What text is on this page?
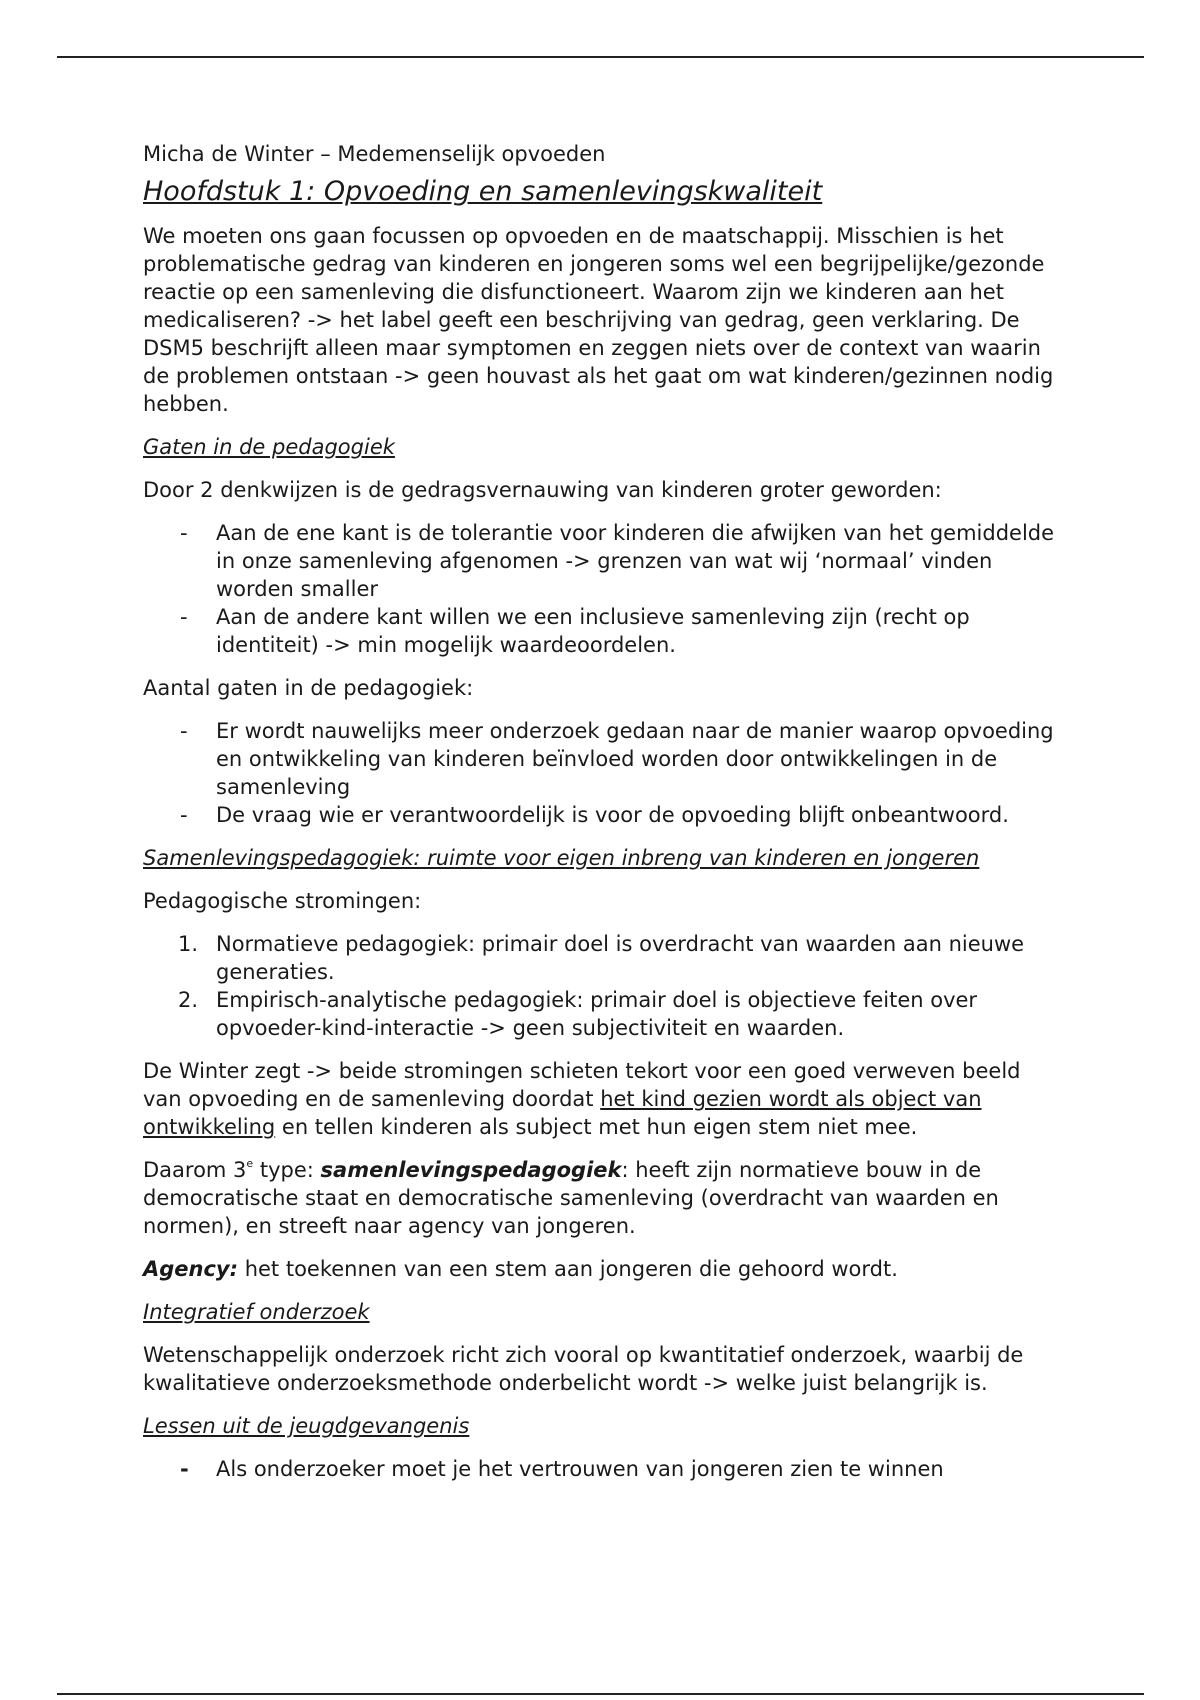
Micha de Winter – Medemenselijk opvoeden

Hoofdstuk 1: Opvoeding en samenlevingskwaliteit

We moeten ons gaan focussen op opvoeden en de maatschappij. Misschien is het problematische gedrag van kinderen en jongeren soms wel een begrijpelijke/gezonde reactie op een samenleving die disfunctioneert. Waarom zijn we kinderen aan het medicaliseren? -> het label geeft een beschrijving van gedrag, geen verklaring. De DSM5 beschrijft alleen maar symptomen en zeggen niets over de context van waarin de problemen ontstaan -> geen houvast als het gaat om wat kinderen/gezinnen nodig hebben.

Gaten in de pedagogiek

Door 2 denkwijzen is de gedragsvernauwing van kinderen groter geworden:

- Aan de ene kant is de tolerantie voor kinderen die afwijken van het gemiddelde in onze samenleving afgenomen -> grenzen van wat wij ‘normaal’ vinden worden smaller
- Aan de andere kant willen we een inclusieve samenleving zijn (recht op identiteit) -> min mogelijk waardeoordelen.

Aantal gaten in de pedagogiek:

- Er wordt nauwelijks meer onderzoek gedaan naar de manier waarop opvoeding en ontwikkeling van kinderen beïnvloed worden door ontwikkelingen in de samenleving
- De vraag wie er verantwoordelijk is voor de opvoeding blijft onbeantwoord.

Samenlevingspedagogiek: ruimte voor eigen inbreng van kinderen en jongeren

Pedagogische stromingen:

1. Normatieve pedagogiek: primair doel is overdracht van waarden aan nieuwe generaties.
2. Empirisch-analytische pedagogiek: primair doel is objectieve feiten over opvoeder-kind-interactie -> geen subjectiviteit en waarden.

De Winter zegt -> beide stromingen schieten tekort voor een goed verweven beeld van opvoeding en de samenleving doordat het kind gezien wordt als object van ontwikkeling en tellen kinderen als subject met hun eigen stem niet mee.

Daarom 3e type: samenlevingspedagogiek: heeft zijn normatieve bouw in de democratische staat en democratische samenleving (overdracht van waarden en normen), en streeft naar agency van jongeren.

Agency: het toekennen van een stem aan jongeren die gehoord wordt.

Integratief onderzoek

Wetenschappelijk onderzoek richt zich vooral op kwantitatief onderzoek, waarbij de kwalitatieve onderzoeksmethode onderbelicht wordt -> welke juist belangrijk is.

Lessen uit de jeugdgevangenis

- Als onderzoeker moet je het vertrouwen van jongeren zien te winnen
